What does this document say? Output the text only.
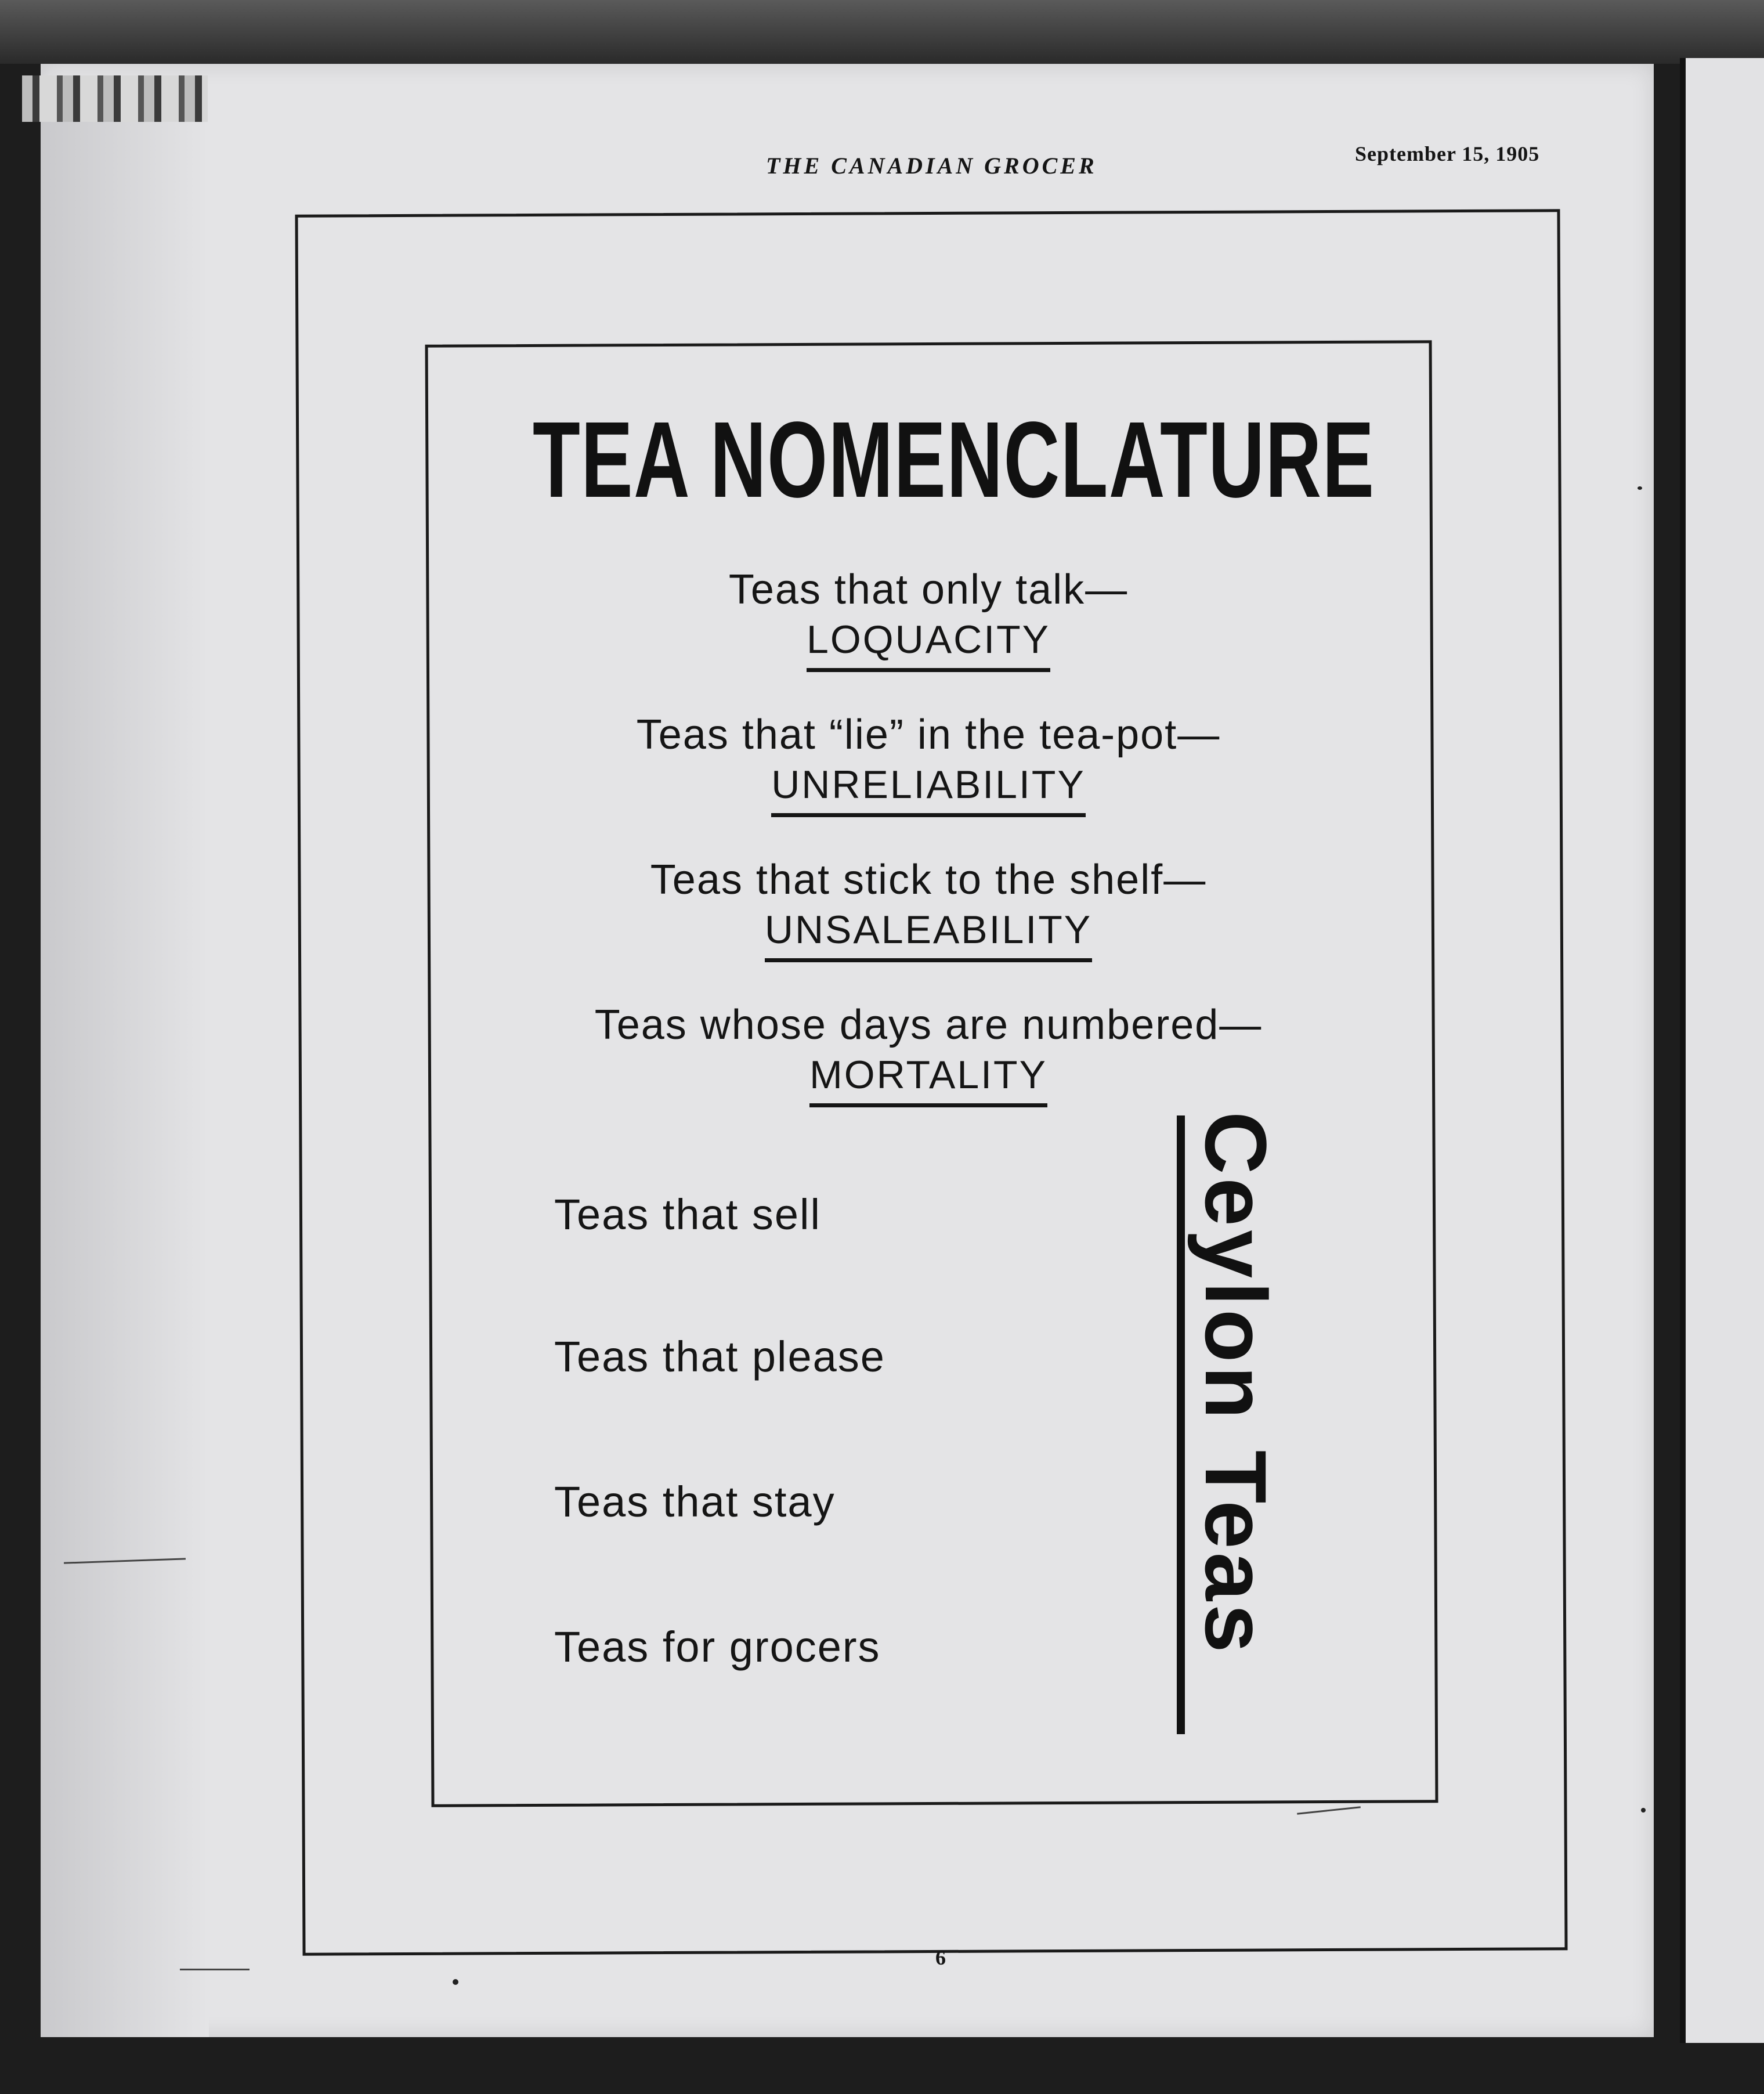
THE CANADIAN GROCER	September 15, 1905
TEA NOMENCLATURE
Teas that only talk—
LOQUACITY
Teas that “lie” in the tea-pot—
UNRELIABILITY
Teas that stick to the shelf—
UNSALEABILITY
Teas whose days are numbered—
MORTALITY
Teas that sell
Teas that please
Teas that stay
Teas for grocers	Ceylon Teas
6
